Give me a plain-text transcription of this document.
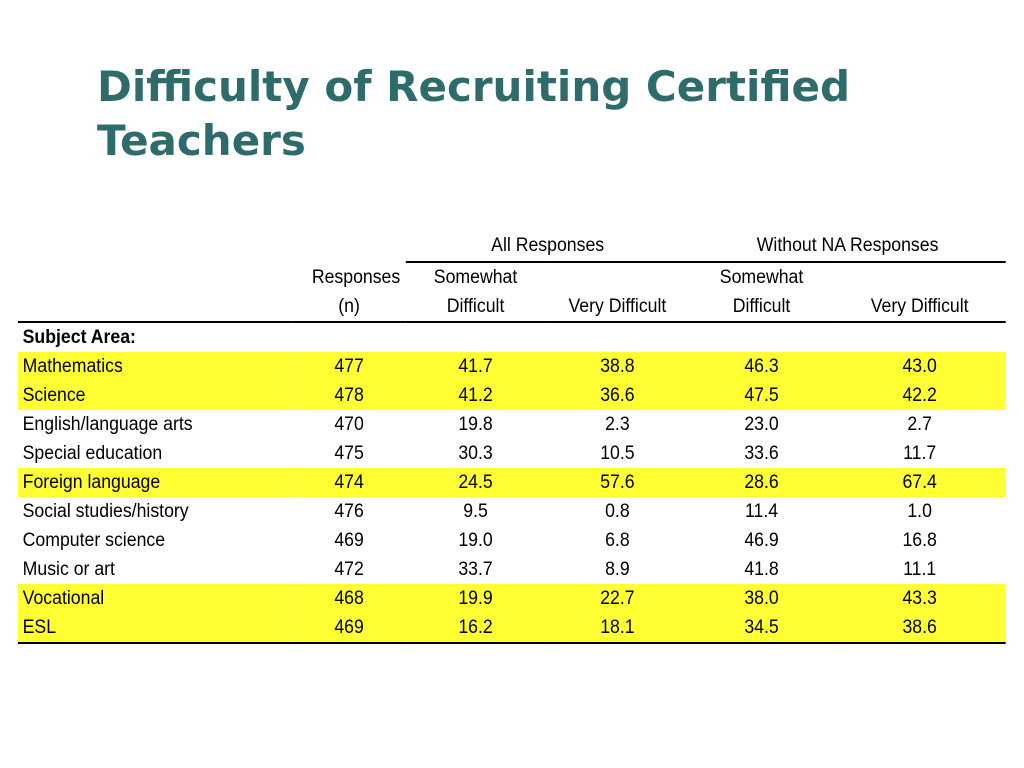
Difficulty of Recruiting Certified Teachers
		All Responses		Without NA Responses	
	Responses	Somewhat		Somewhat	
	(n)	Difficult	Very Difficult	Difficult	Very Difficult
Subject Area:					
Mathematics	477	41.7	38.8	46.3	43.0
Science	478	41.2	36.6	47.5	42.2
English/language arts	470	19.8	2.3	23.0	2.7
Special education	475	30.3	10.5	33.6	11.7
Foreign language	474	24.5	57.6	28.6	67.4
Social studies/history	476	9.5	0.8	11.4	1.0
Computer science	469	19.0	6.8	46.9	16.8
Music or art	472	33.7	8.9	41.8	11.1
Vocational	468	19.9	22.7	38.0	43.3
ESL	469	16.2	18.1	34.5	38.6
